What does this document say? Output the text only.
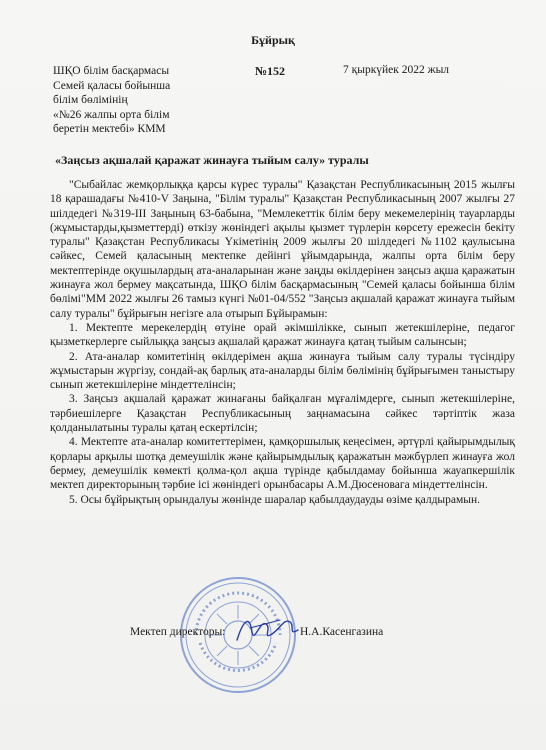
Бұйрық
ШҚО білім басқармасы
Семей қаласы бойынша
білім бөлімінің
«№26 жалпы орта білім
беретін мектебі» КММ
№152	7 қыркүйек 2022 жыл
«Заңсыз ақшалай қаражат жинауға тыйым салу» туралы

"Сыбайлас жемқорлыққа қарсы күрес туралы" Қазақстан Республикасының 2015 жылғы 18 қарашадағы №410-V Заңына, "Білім туралы" Қазақстан Республикасының 2007 жылғы 27 шілдедегі №319-III Заңының 63-бабына, "Мемлекеттік білім беру мекемелерінің тауарларды (жұмыстарды,қызметтерді) өткізу жөніндегі ақылы қызмет түрлерін көрсету ережесін бекіту туралы" Қазақстан Республикасы Үкіметінің 2009 жылғы 20 шілдедегі №1102 қаулысына сәйкес, Семей қаласының мектепке дейінгі ұйымдарында, жалпы орта білім беру мектептерінде оқушылардың ата-аналарынан және заңды өкілдерінен заңсыз ақша қаражатын жинауға жол бермеу мақсатында, ШҚО білім басқармасының "Семей қаласы бойынша білім бөлімі"ММ 2022 жылғы 26 тамыз күнгі №01-04/552 "Заңсыз ақшалай қаражат жинауға тыйым салу туралы" бұйрығын негізге ала отырып Бұйырамын:

1. Мектепте мерекелердің өтуіне орай әкімшілікке, сынып жетекшілеріне, педагог қызметкерлерге сыйлыққа заңсыз ақшалай қаражат жинауға қатаң тыйым салынсын;

2. Ата-аналар комитетінің өкілдерімен ақша жинауға тыйым салу туралы түсіндіру жұмыстарын жүргізу, сондай-ақ барлық ата-аналарды білім бөлімінің бұйрығымен таныстыру сынып жетекшілеріне міндеттелінсін;

3. Заңсыз ақшалай қаражат жинағаны байқалған мұғалімдерге, сынып жетекшілеріне, тәрбиешілерге Қазақстан Республикасының заңнамасына сәйкес тәртіптік жаза қолданылатыны туралы қатаң ескертілсін;

4. Мектепте ата-аналар комитеттерімен, қамқоршылық кеңесімен, әртүрлі қайырымдылық қорлары арқылы шотқа демеушілік және қайырымдылық қаражатын мәжбүрлеп жинауға жол бермеу, демеушілік көмекті қолма-қол ақша түрінде қабылдамау бойынша жауапкершілік мектеп директорының тәрбие ісі жөніндегі орынбасары А.М.Дюсеновага міндеттелінсін.

5. Осы бұйрықтың орындалуы жөнінде шаралар қабылдаудауды өзіме қалдырамын.

Мектеп директоры:	Н.А.Касенгазина
